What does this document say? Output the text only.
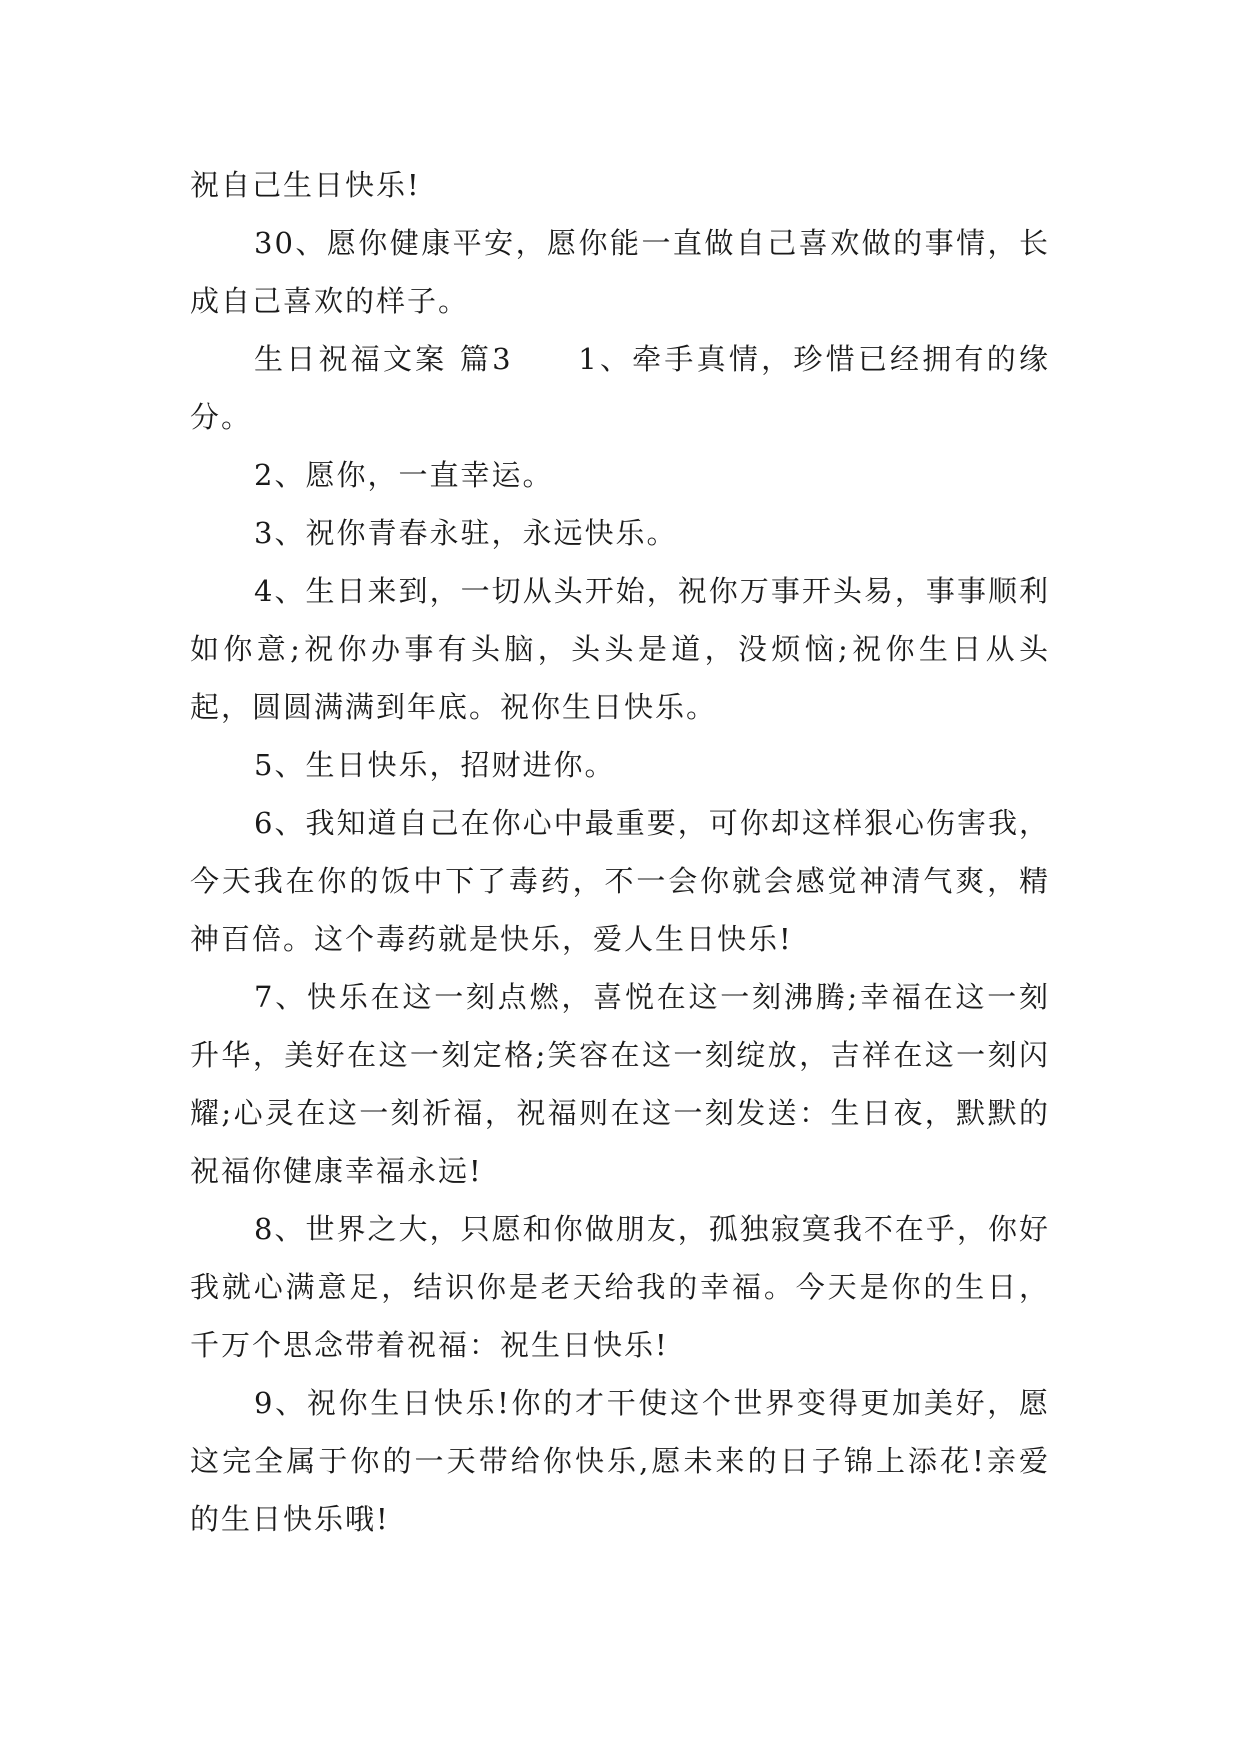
祝自己生日快乐!

30、愿你健康平安，愿你能一直做自己喜欢做的事情，长成自己喜欢的样子。

生日祝福文案 篇3　　1、牵手真情，珍惜已经拥有的缘分。

2、愿你，一直幸运。

3、祝你青春永驻，永远快乐。

4、生日来到，一切从头开始，祝你万事开头易，事事顺利如你意;祝你办事有头脑，头头是道，没烦恼;祝你生日从头起，圆圆满满到年底。祝你生日快乐。

5、生日快乐，招财进你。

6、我知道自己在你心中最重要，可你却这样狠心伤害我，今天我在你的饭中下了毒药，不一会你就会感觉神清气爽，精神百倍。这个毒药就是快乐，爱人生日快乐!

7、快乐在这一刻点燃，喜悦在这一刻沸腾;幸福在这一刻升华，美好在这一刻定格;笑容在这一刻绽放，吉祥在这一刻闪耀;心灵在这一刻祈福，祝福则在这一刻发送：生日夜，默默的祝福你健康幸福永远!

8、世界之大，只愿和你做朋友，孤独寂寞我不在乎，你好我就心满意足，结识你是老天给我的幸福。今天是你的生日，千万个思念带着祝福：祝生日快乐!

9、祝你生日快乐!你的才干使这个世界变得更加美好，愿这完全属于你的一天带给你快乐,愿未来的日子锦上添花!亲爱的生日快乐哦!
